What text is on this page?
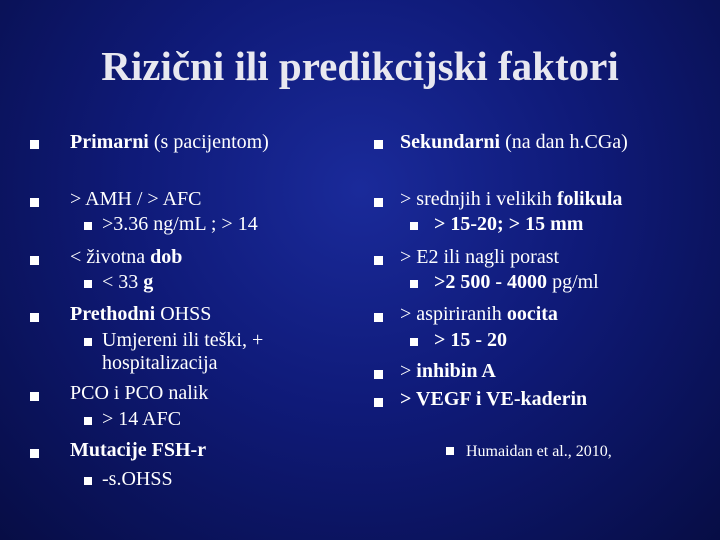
Rizični ili predikcijski faktori
Primarni (s pacijentom)
> AMH / > AFC
>3.36 ng/mL ; > 14
< životna dob
< 33 g
Prethodni OHSS
Umjereni ili teški, +
hospitalizacija
PCO i PCO nalik
> 14 AFC
Mutacije FSH-r
-s.OHSS
Sekundarni (na dan h.CGa)
> srednjih i velikih folikula
> 15-20; > 15 mm
> E2 ili nagli porast
>2 500 - 4000 pg/ml
> aspiriranih oocita
> 15 - 20
> inhibin A
> VEGF i VE-kaderin
Humaidan et al., 2010,
